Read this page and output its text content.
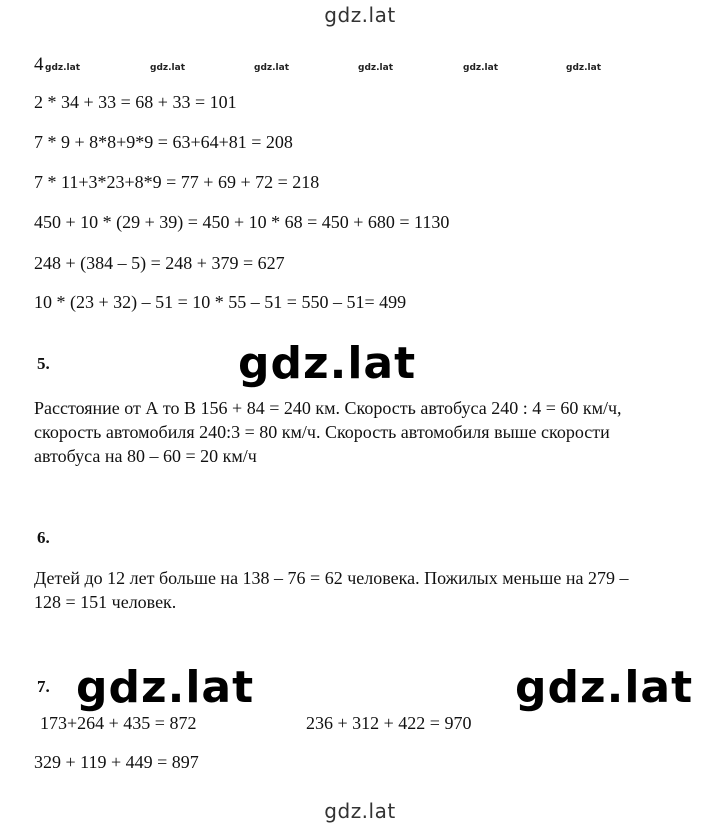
gdz.lat
4 gdz.lat	gdz.lat	gdz.lat	gdz.lat	gdz.lat	gdz.lat
2 * 34 + 33 = 68 + 33 = 101
7 * 9 + 8*8+9*9 = 63+64+81 = 208
7 * 11+3*23+8*9 = 77 + 69 + 72 = 218
450 + 10 * (29 + 39) = 450 + 10 * 68 = 450 + 680 = 1130
248 + (384 – 5) = 248 + 379 = 627
10 * (23 + 32) – 51 = 10 * 55 – 51 = 550 – 51= 499
5.	gdz.lat
Расстояние от А то В 156 + 84 = 240 км. Скорость автобуса 240 : 4 = 60 км/ч,
скорость автомобиля 240:3 = 80 км/ч. Скорость автомобиля выше скорости
автобуса на 80 – 60 = 20 км/ч
6.
Детей до 12 лет больше на 138 – 76 = 62 человека. Пожилых меньше на 279 –
128 = 151 человек.
7. gdz.lat	gdz.lat
173+264 + 435 = 872	236 + 312 + 422 = 970
329 + 119 + 449 = 897
gdz.lat
